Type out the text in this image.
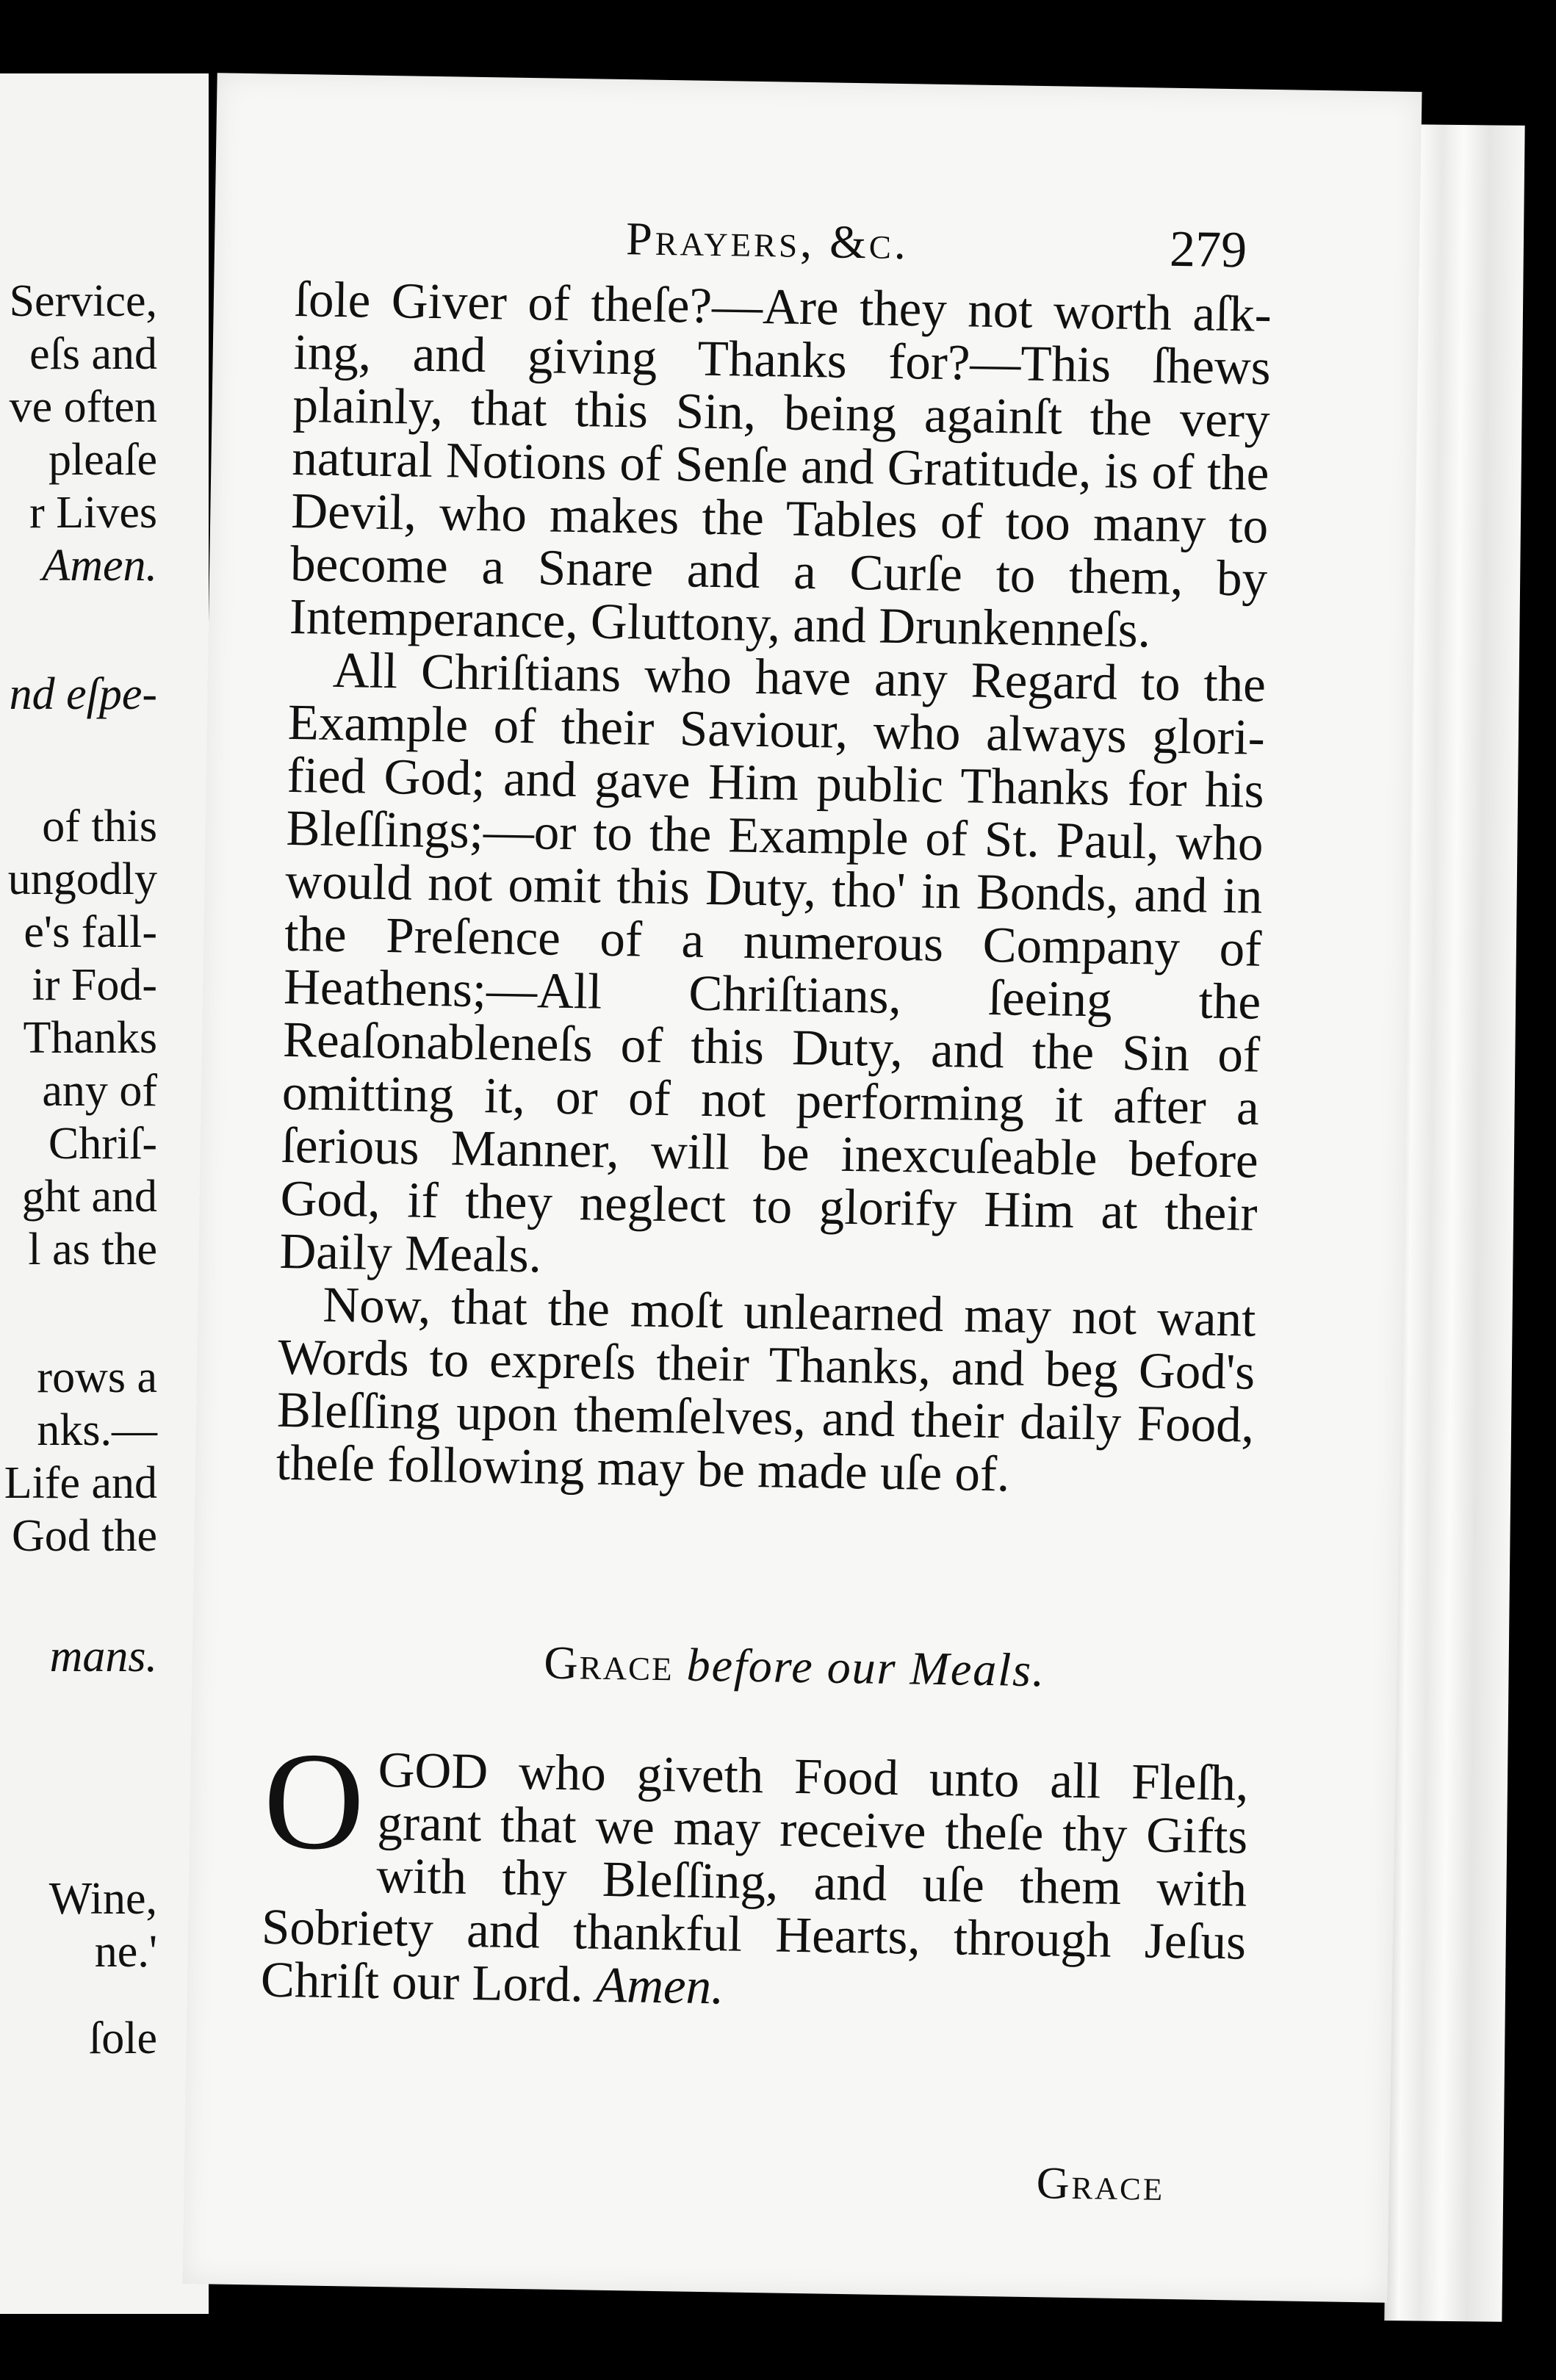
Service,
eſs and
ve often
pleaſe
r Lives
Amen.
nd eſpe-
of this
ungodly
e's fall-
ir Fod-
Thanks
any of
Chriſ-
ght and
l as the
rows a
nks.—
Life and
God the
mans.
Wine,
ne.'
ſole
Prayers, &c.	279

ſole Giver of theſe?—Are they not worth aſk-ing, and giving Thanks for?—This ſhews plainly, that this Sin, being againſt the very natural Notions of Senſe and Gratitude, is of the Devil, who makes the Tables of too many to become a Snare and a Curſe to them, by Intemperance, Gluttony, and Drunkenneſs.

All Chriſtians who have any Regard to the Example of their Saviour, who always glori-fied God; and gave Him public Thanks for his Bleſſings;—or to the Example of St. Paul, who would not omit this Duty, tho' in Bonds, and in the Preſence of a numerous Company of Heathens;—All Chriſtians, ſeeing the Reaſonableneſs of this Duty, and the Sin of omitting it, or of not performing it after a ſerious Manner, will be inexcuſeable before God, if they neglect to glorify Him at their Daily Meals.

Now, that the moſt unlearned may not want Words to expreſs their Thanks, and beg God's Bleſſing upon themſelves, and their daily Food, theſe following may be made uſe of.

Grace before our Meals.
O GOD who giveth Food unto all Fleſh, grant that we may receive theſe thy Gifts with thy Bleſſing, and uſe them with Sobriety and thankful Hearts, through Jeſus Chriſt our Lord. Amen.
Grace
